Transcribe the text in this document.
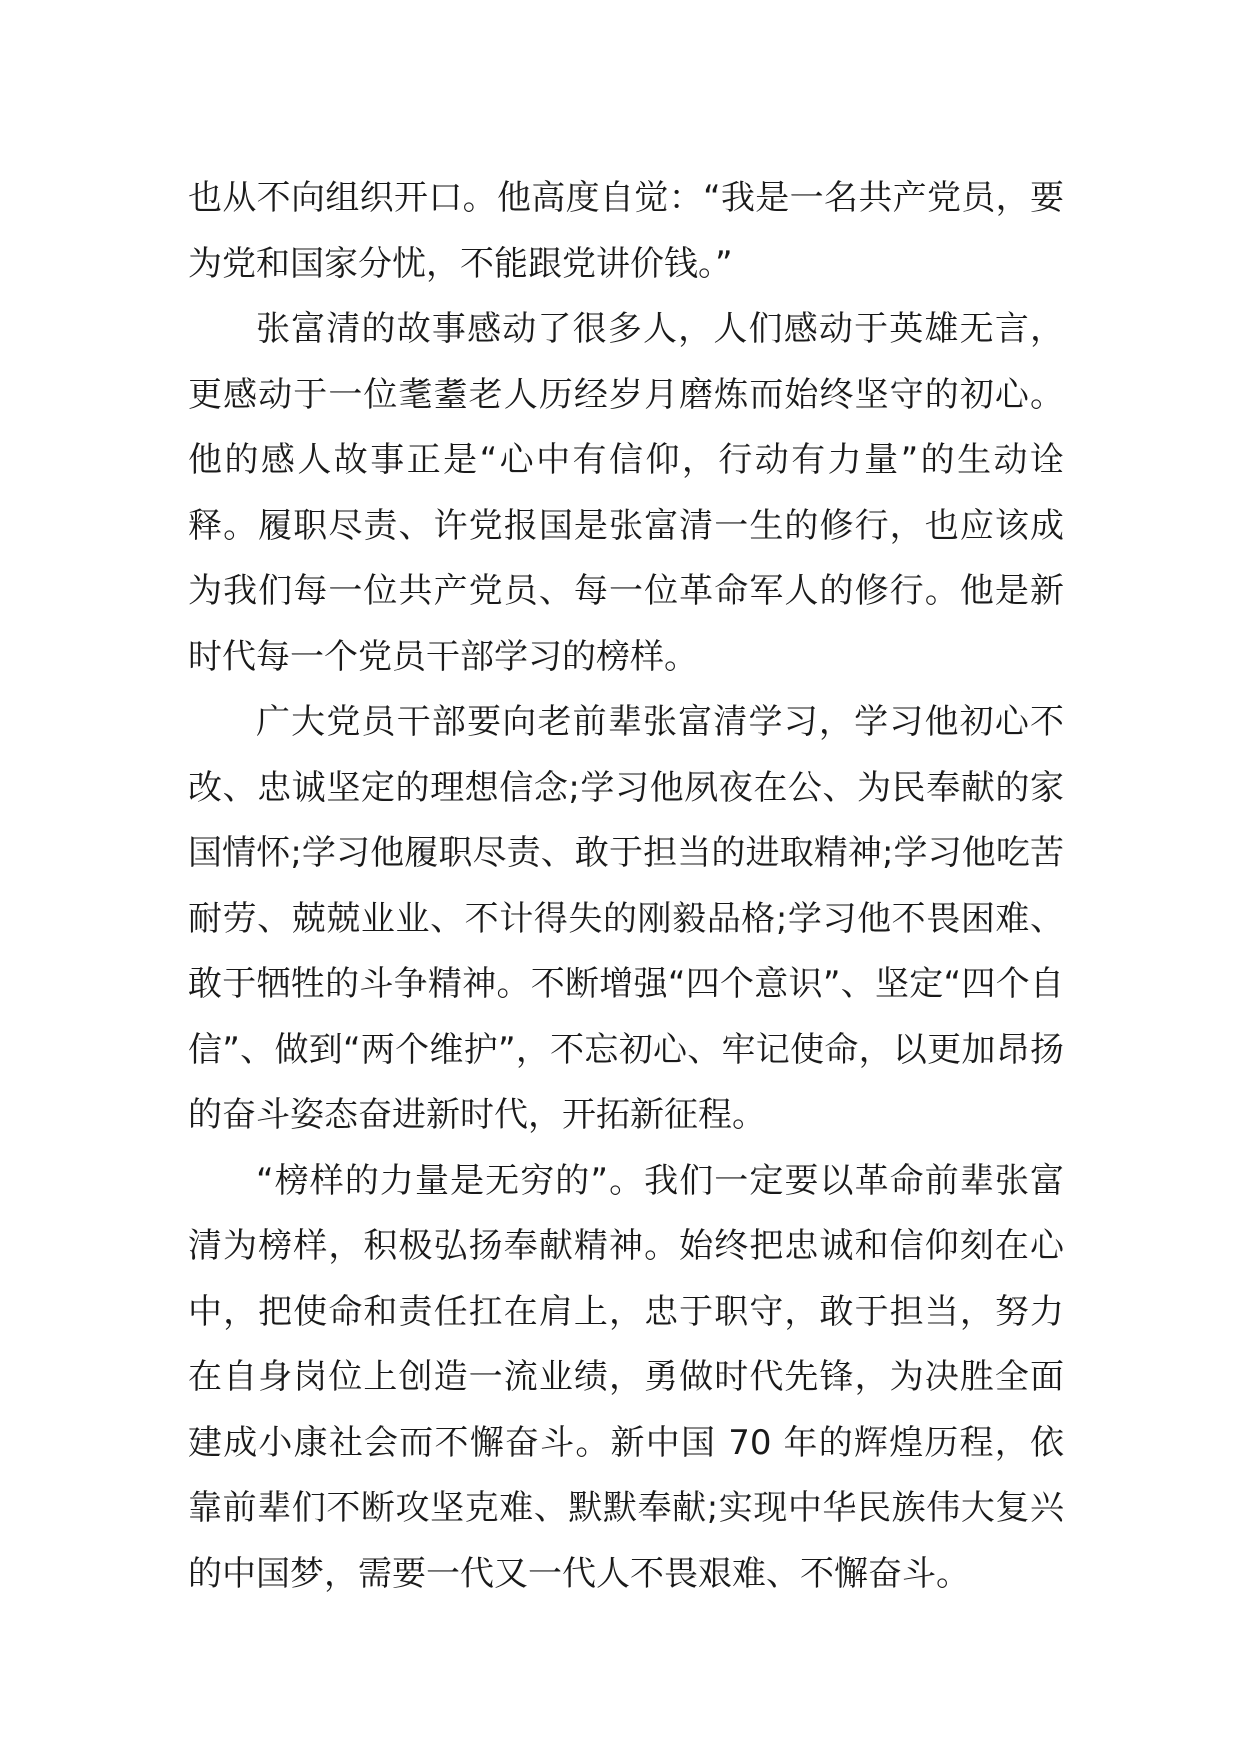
也从不向组织开口。他高度自觉：“我是一名共产党员，要为党和国家分忧，不能跟党讲价钱。”

张富清的故事感动了很多人，人们感动于英雄无言，更感动于一位耄耋老人历经岁月磨炼而始终坚守的初心。他的感人故事正是“心中有信仰，行动有力量”的生动诠释。履职尽责、许党报国是张富清一生的修行，也应该成为我们每一位共产党员、每一位革命军人的修行。他是新时代每一个党员干部学习的榜样。

广大党员干部要向老前辈张富清学习，学习他初心不改、忠诚坚定的理想信念;学习他夙夜在公、为民奉献的家国情怀;学习他履职尽责、敢于担当的进取精神;学习他吃苦耐劳、兢兢业业、不计得失的刚毅品格;学习他不畏困难、敢于牺牲的斗争精神。不断增强“四个意识”、坚定“四个自信”、做到“两个维护”，不忘初心、牢记使命，以更加昂扬的奋斗姿态奋进新时代，开拓新征程。

“榜样的力量是无穷的”。我们一定要以革命前辈张富清为榜样，积极弘扬奉献精神。始终把忠诚和信仰刻在心中，把使命和责任扛在肩上，忠于职守，敢于担当，努力在自身岗位上创造一流业绩，勇做时代先锋，为决胜全面建成小康社会而不懈奋斗。新中国 70 年的辉煌历程，依靠前辈们不断攻坚克难、默默奉献;实现中华民族伟大复兴的中国梦，需要一代又一代人不畏艰难、不懈奋斗。
